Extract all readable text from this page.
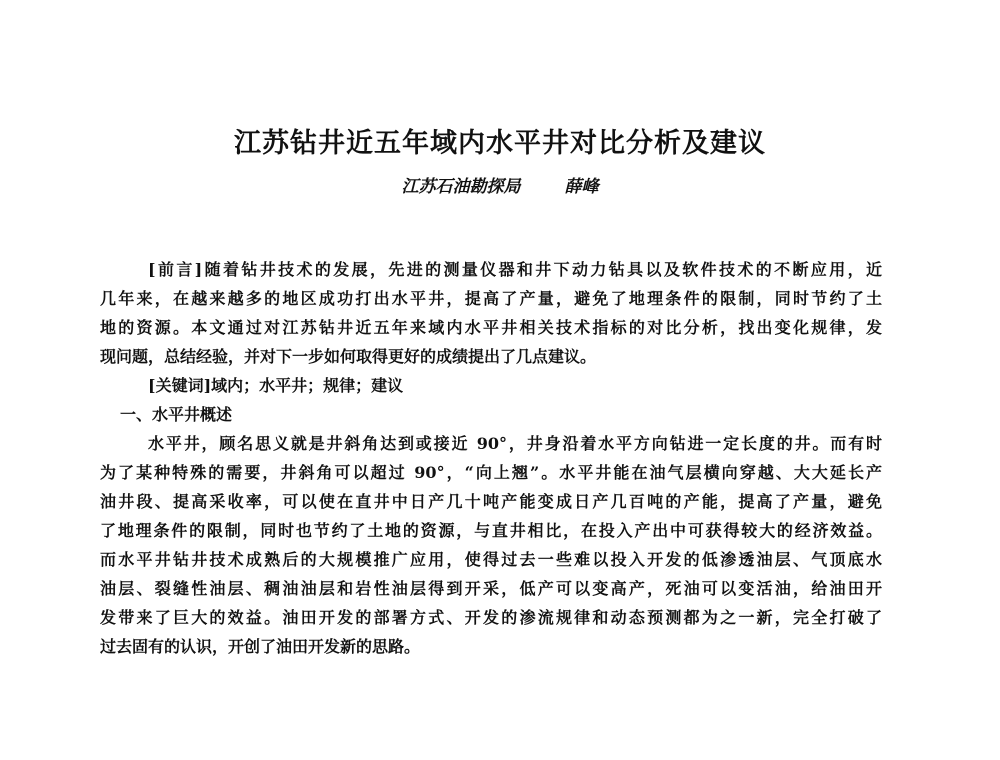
江苏钻井近五年域内水平井对比分析及建议
江苏石油勘探局	薛峰
[前言]随着钻井技术的发展，先进的测量仪器和井下动力钻具以及软件技术的不断应用，近
几年来，在越来越多的地区成功打出水平井，提高了产量，避免了地理条件的限制，同时节约了土
地的资源。本文通过对江苏钻井近五年来域内水平井相关技术指标的对比分析，找出变化规律，发
现问题，总结经验，并对下一步如何取得更好的成绩提出了几点建议。
[关键词]域内；水平井；规律；建议
一、水平井概述
水平井，顾名思义就是井斜角达到或接近 90°，井身沿着水平方向钻进一定长度的井。而有时
为了某种特殊的需要，井斜角可以超过 90°，“向上翘”。水平井能在油气层横向穿越、大大延长产
油井段、提高采收率，可以使在直井中日产几十吨产能变成日产几百吨的产能，提高了产量，避免
了地理条件的限制，同时也节约了土地的资源，与直井相比，在投入产出中可获得较大的经济效益。
而水平井钻井技术成熟后的大规模推广应用，使得过去一些难以投入开发的低渗透油层、气顶底水
油层、裂缝性油层、稠油油层和岩性油层得到开采，低产可以变高产，死油可以变活油，给油田开
发带来了巨大的效益。油田开发的部署方式、开发的渗流规律和动态预测都为之一新，完全打破了
过去固有的认识，开创了油田开发新的思路。
